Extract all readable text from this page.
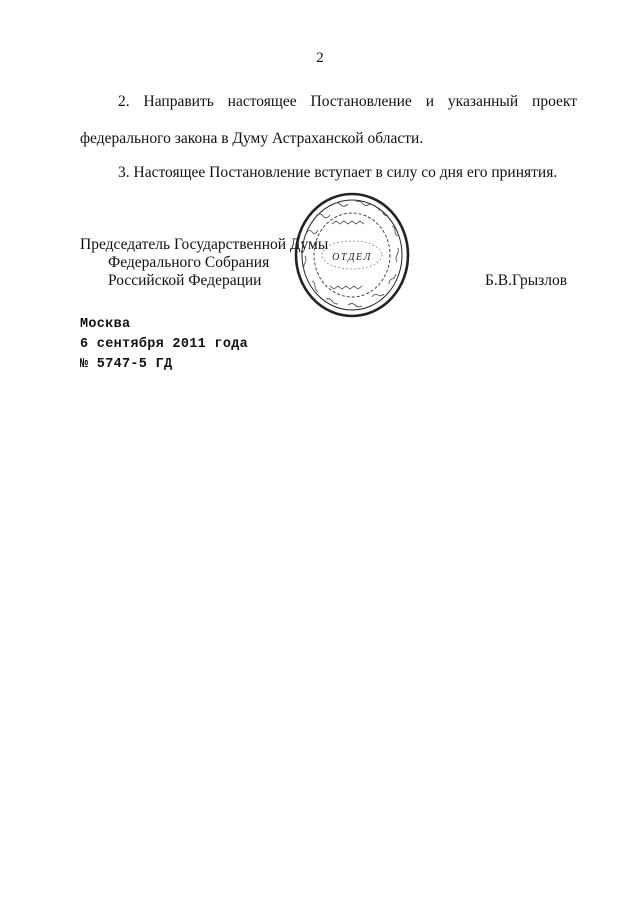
2
2. Направить настоящее Постановление и указанный проект
федерального закона в Думу Астраханской области.
3. Настоящее Постановление вступает в силу со дня его принятия.
Председатель Государственной Думы
Федерального Собрания
Российской Федерации	Б.В.Грызлов
ОТДЕЛ
Москва
6 сентября 2011 года
№ 5747-5 ГД
